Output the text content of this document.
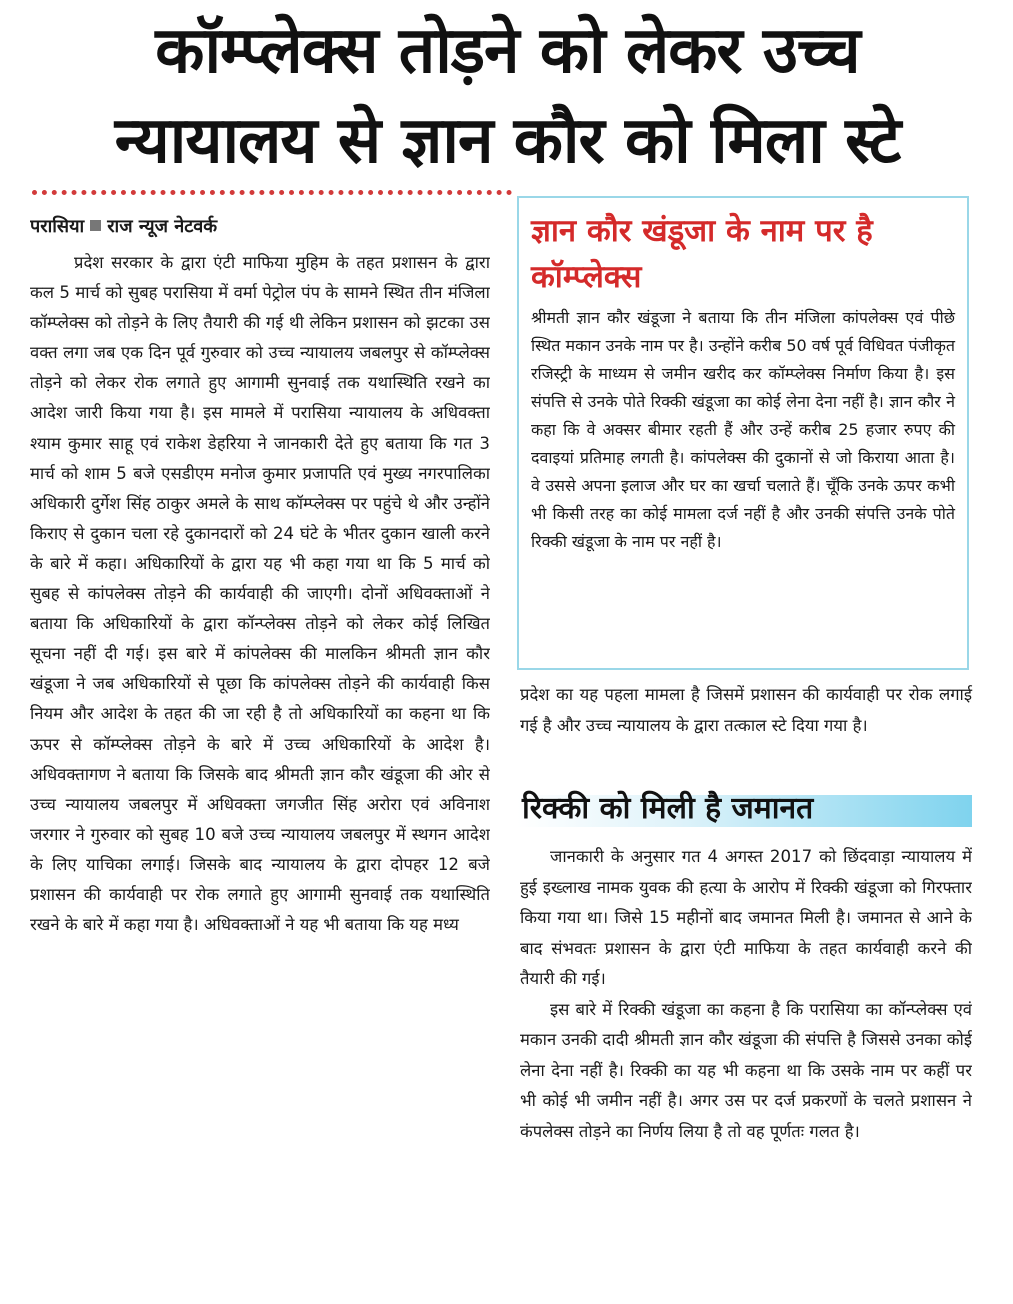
कॉम्प्लेक्स तोड़ने को लेकर उच्च
न्यायालय से ज्ञान कौर को मिला स्टे
परासिया राज न्यूज नेटवर्क

प्रदेश सरकार के द्वारा एंटी माफिया मुहिम के तहत प्रशासन के द्वारा कल 5 मार्च को सुबह परासिया में वर्मा पेट्रोल पंप के सामने स्थित तीन मंजिला कॉम्प्लेक्स को तोड़ने के लिए तैयारी की गई थी लेकिन प्रशासन को झटका उस वक्त लगा जब एक दिन पूर्व गुरुवार को उच्च न्यायालय जबलपुर से कॉम्प्लेक्स तोड़ने को लेकर रोक लगाते हुए आगामी सुनवाई तक यथास्थिति रखने का आदेश जारी किया गया है। इस मामले में परासिया न्यायालय के अधिवक्ता श्याम कुमार साहू एवं राकेश डेहरिया ने जानकारी देते हुए बताया कि गत 3 मार्च को शाम 5 बजे एसडीएम मनोज कुमार प्रजापति एवं मुख्य नगरपालिका अधिकारी दुर्गेश सिंह ठाकुर अमले के साथ कॉम्प्लेक्स पर पहुंचे थे और उन्होंने किराए से दुकान चला रहे दुकानदारों को 24 घंटे के भीतर दुकान खाली करने के बारे में कहा। अधिकारियों के द्वारा यह भी कहा गया था कि 5 मार्च को सुबह से कांपलेक्स तोड़ने की कार्यवाही की जाएगी। दोनों अधिवक्ताओं ने बताया कि अधिकारियों के द्वारा कॉन्प्लेक्स तोड़ने को लेकर कोई लिखित सूचना नहीं दी गई। इस बारे में कांपलेक्स की मालकिन श्रीमती ज्ञान कौर खंडूजा ने जब अधिकारियों से पूछा कि कांपलेक्स तोड़ने की कार्यवाही किस नियम और आदेश के तहत की जा रही है तो अधिकारियों का कहना था कि ऊपर से कॉम्प्लेक्स तोड़ने के बारे में उच्च अधिकारियों के आदेश है। अधिवक्तागण ने बताया कि जिसके बाद श्रीमती ज्ञान कौर खंडूजा की ओर से उच्च न्यायालय जबलपुर में अधिवक्ता जगजीत सिंह अरोरा एवं अविनाश जरगार ने गुरुवार को सुबह 10 बजे उच्च न्यायालय जबलपुर में स्थगन आदेश के लिए याचिका लगाई। जिसके बाद न्यायालय के द्वारा दोपहर 12 बजे प्रशासन की कार्यवाही पर रोक लगाते हुए आगामी सुनवाई तक यथास्थिति रखने के बारे में कहा गया है। अधिवक्ताओं ने यह भी बताया कि यह मध्य

ज्ञान कौर खंडूजा के नाम पर है कॉम्प्लेक्स

श्रीमती ज्ञान कौर खंडूजा ने बताया कि तीन मंजिला कांपलेक्स एवं पीछे स्थित मकान उनके नाम पर है। उन्होंने करीब 50 वर्ष पूर्व विधिवत पंजीकृत रजिस्ट्री के माध्यम से जमीन खरीद कर कॉम्प्लेक्स निर्माण किया है। इस संपत्ति से उनके पोते रिक्की खंडूजा का कोई लेना देना नहीं है। ज्ञान कौर ने कहा कि वे अक्सर बीमार रहती हैं और उन्हें करीब 25 हजार रुपए की दवाइयां प्रतिमाह लगती है। कांपलेक्स की दुकानों से जो किराया आता है। वे उससे अपना इलाज और घर का खर्चा चलाते हैं। चूँकि उनके ऊपर कभी भी किसी तरह का कोई मामला दर्ज नहीं है और उनकी संपत्ति उनके पोते रिक्की खंडूजा के नाम पर नहीं है।

प्रदेश का यह पहला मामला है जिसमें प्रशासन की कार्यवाही पर रोक लगाई गई है और उच्च न्यायालय के द्वारा तत्काल स्टे दिया गया है।

रिक्की को मिली है जमानत

जानकारी के अनुसार गत 4 अगस्त 2017 को छिंदवाड़ा न्यायालय में हुई इख्लाख नामक युवक की हत्या के आरोप में रिक्की खंडूजा को गिरफ्तार किया गया था। जिसे 15 महीनों बाद जमानत मिली है। जमानत से आने के बाद संभवतः प्रशासन के द्वारा एंटी माफिया के तहत कार्यवाही करने की तैयारी की गई।

इस बारे में रिक्की खंडूजा का कहना है कि परासिया का कॉन्प्लेक्स एवं मकान उनकी दादी श्रीमती ज्ञान कौर खंडूजा की संपत्ति है जिससे उनका कोई लेना देना नहीं है। रिक्की का यह भी कहना था कि उसके नाम पर कहीं पर भी कोई भी जमीन नहीं है। अगर उस पर दर्ज प्रकरणों के चलते प्रशासन ने कंपलेक्स तोड़ने का निर्णय लिया है तो वह पूर्णतः गलत है।
